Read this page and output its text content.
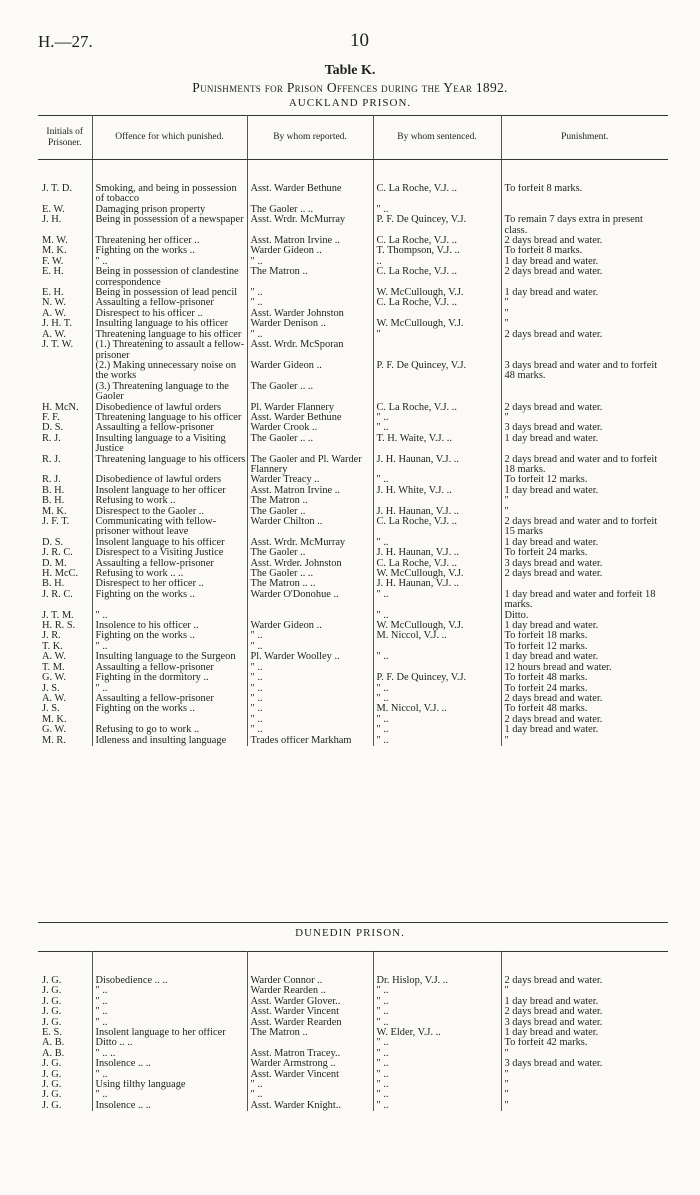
H.—27.	10
Table K.
Punishments for Prison Offences during the Year 1892.
AUCKLAND PRISON.
Initials of Prisoner.	Offence for which punished.	By whom reported.	By whom sentenced.	Punishment.

J. T. D.	Smoking, and being in possession of tobacco	Asst. Warder Bethune	C. La Roche, V.J. ..	To forfeit 8 marks.
E. W.	Damaging prison property	The Gaoler .. ..	" ..	
J. H.	Being in possession of a newspaper	Asst. Wrdr. McMurray	P. F. De Quincey, V.J.	To remain 7 days extra in present class.
M. W.	Threatening her officer ..	Asst. Matron Irvine ..	C. La Roche, V.J. ..	2 days bread and water.
M. K.	Fighting on the works ..	Warder Gideon ..	T. Thompson, V.J. ..	To forfeit 8 marks.
F. W.	" ..	" ..	..	1 day bread and water.
E. H.	Being in possession of clandestine correspondence	The Matron ..	C. La Roche, V.J. ..	2 days bread and water.
E. H.	Being in possession of lead pencil	" ..	W. McCullough, V.J.	1 day bread and water.
N. W.	Assaulting a fellow-prisoner	" ..	C. La Roche, V.J. ..	"
A. W.	Disrespect to his officer ..	Asst. Warder Johnston		"
J. H. T.	Insulting language to his officer	Warder Denison ..	W. McCullough, V.J.	"
A. W.	Threatening language to his officer	" ..	"	2 days bread and water.
J. T. W.	(1.) Threatening to assault a fellow-prisoner	Asst. Wrdr. McSporan		
	(2.) Making unnecessary noise on the works	Warder Gideon ..	P. F. De Quincey, V.J.	3 days bread and water and to forfeit 48 marks.
	(3.) Threatening language to the Gaoler	The Gaoler .. ..		
H. McN.	Disobedience of lawful orders	Pl. Warder Flannery	C. La Roche, V.J. ..	2 days bread and water.
F. F.	Threatening language to his officer	Asst. Warder Bethune	" ..	"
D. S.	Assaulting a fellow-prisoner	Warder Crook ..	" ..	3 days bread and water.
R. J.	Insulting language to a Visiting Justice	The Gaoler .. ..	T. H. Waite, V.J. ..	1 day bread and water.
R. J.	Threatening language to his officers	The Gaoler and Pl. Warder Flannery	J. H. Haunan, V.J. ..	2 days bread and water and to forfeit 18 marks.
R. J.	Disobedience of lawful orders	Warder Treacy ..	" ..	To forfeit 12 marks.
B. H.	Insolent language to her officer	Asst. Matron Irvine ..	J. H. White, V.J. ..	1 day bread and water.
B. H.	Refusing to work ..	The Matron ..		"
M. K.	Disrespect to the Gaoler ..	The Gaoler ..	J. H. Haunan, V.J. ..	"
J. F. T.	Communicating with fellow-prisoner without leave	Warder Chilton ..	C. La Roche, V.J. ..	2 days bread and water and to forfeit 15 marks
D. S.	Insolent language to his officer	Asst. Wrdr. McMurray	" ..	1 day bread and water.
J. R. C.	Disrespect to a Visiting Justice	The Gaoler ..	J. H. Haunan, V.J. ..	To forfeit 24 marks.
D. M.	Assaulting a fellow-prisoner	Asst. Wrder. Johnston	C. La Roche, V.J. ..	3 days bread and water.
H. McC.	Refusing to work .. ..	The Gaoler .. ..	W. McCullough, V.J.	2 days bread and water.
B. H.	Disrespect to her officer ..	The Matron .. ..	J. H. Haunan, V.J. ..	
J. R. C.	Fighting on the works ..	Warder O'Donohue ..	" ..	1 day bread and water and forfeit 18 marks.
J. T. M.	" ..		" ..	Ditto.
H. R. S.	Insolence to his officer ..	Warder Gideon ..	W. McCullough, V.J.	1 day bread and water.
J. R.	Fighting on the works ..	" ..	M. Niccol, V.J. ..	To forfeit 18 marks.
T. K.	" ..	" ..		To forfeit 12 marks.
A. W.	Insulting language to the Surgeon	Pl. Warder Woolley ..	" ..	1 day bread and water.
T. M.	Assaulting a fellow-prisoner	" ..		12 hours bread and water.
G. W.	Fighting in the dormitory ..	" ..	P. F. De Quincey, V.J.	To forfeit 48 marks.
J. S.	" ..	" ..	" ..	To forfeit 24 marks.
A. W.	Assaulting a fellow-prisoner	" ..	" ..	2 days bread and water.
J. S.	Fighting on the works ..	" ..	M. Niccol, V.J. ..	To forfeit 48 marks.
M. K.		" ..	" ..	2 days bread and water.
G. W.	Refusing to go to work ..	" ..	" ..	1 day bread and water.
M. R.	Idleness and insulting language	Trades officer Markham	" ..	"
DUNEDIN PRISON.

J. G.	Disobedience .. ..	Warder Connor ..	Dr. Hislop, V.J. ..	2 days bread and water.
J. G.	" ..	Warder Rearden ..	" ..	"
J. G.	" ..	Asst. Warder Glover..	" ..	1 day bread and water.
J. G.	" ..	Asst. Warder Vincent	" ..	2 days bread and water.
J. G.	" ..	Asst. Warder Rearden	" ..	3 days bread and water.
E. S.	Insolent language to her officer	The Matron ..	W. Elder, V.J. ..	1 day bread and water.
A. B.	Ditto .. ..		" ..	To forfeit 42 marks.
A. B.	" .. ..	Asst. Matron Tracey..	" ..	"
J. G.	Insolence .. ..	Warder Armstrong ..	" ..	3 days bread and water.
J. G.	" ..	Asst. Warder Vincent	" ..	"
J. G.	Using filthy language	" ..	" ..	"
J. G.	" ..	" ..	" ..	"
J. G.	Insolence .. ..	Asst. Warder Knight..	" ..	"
